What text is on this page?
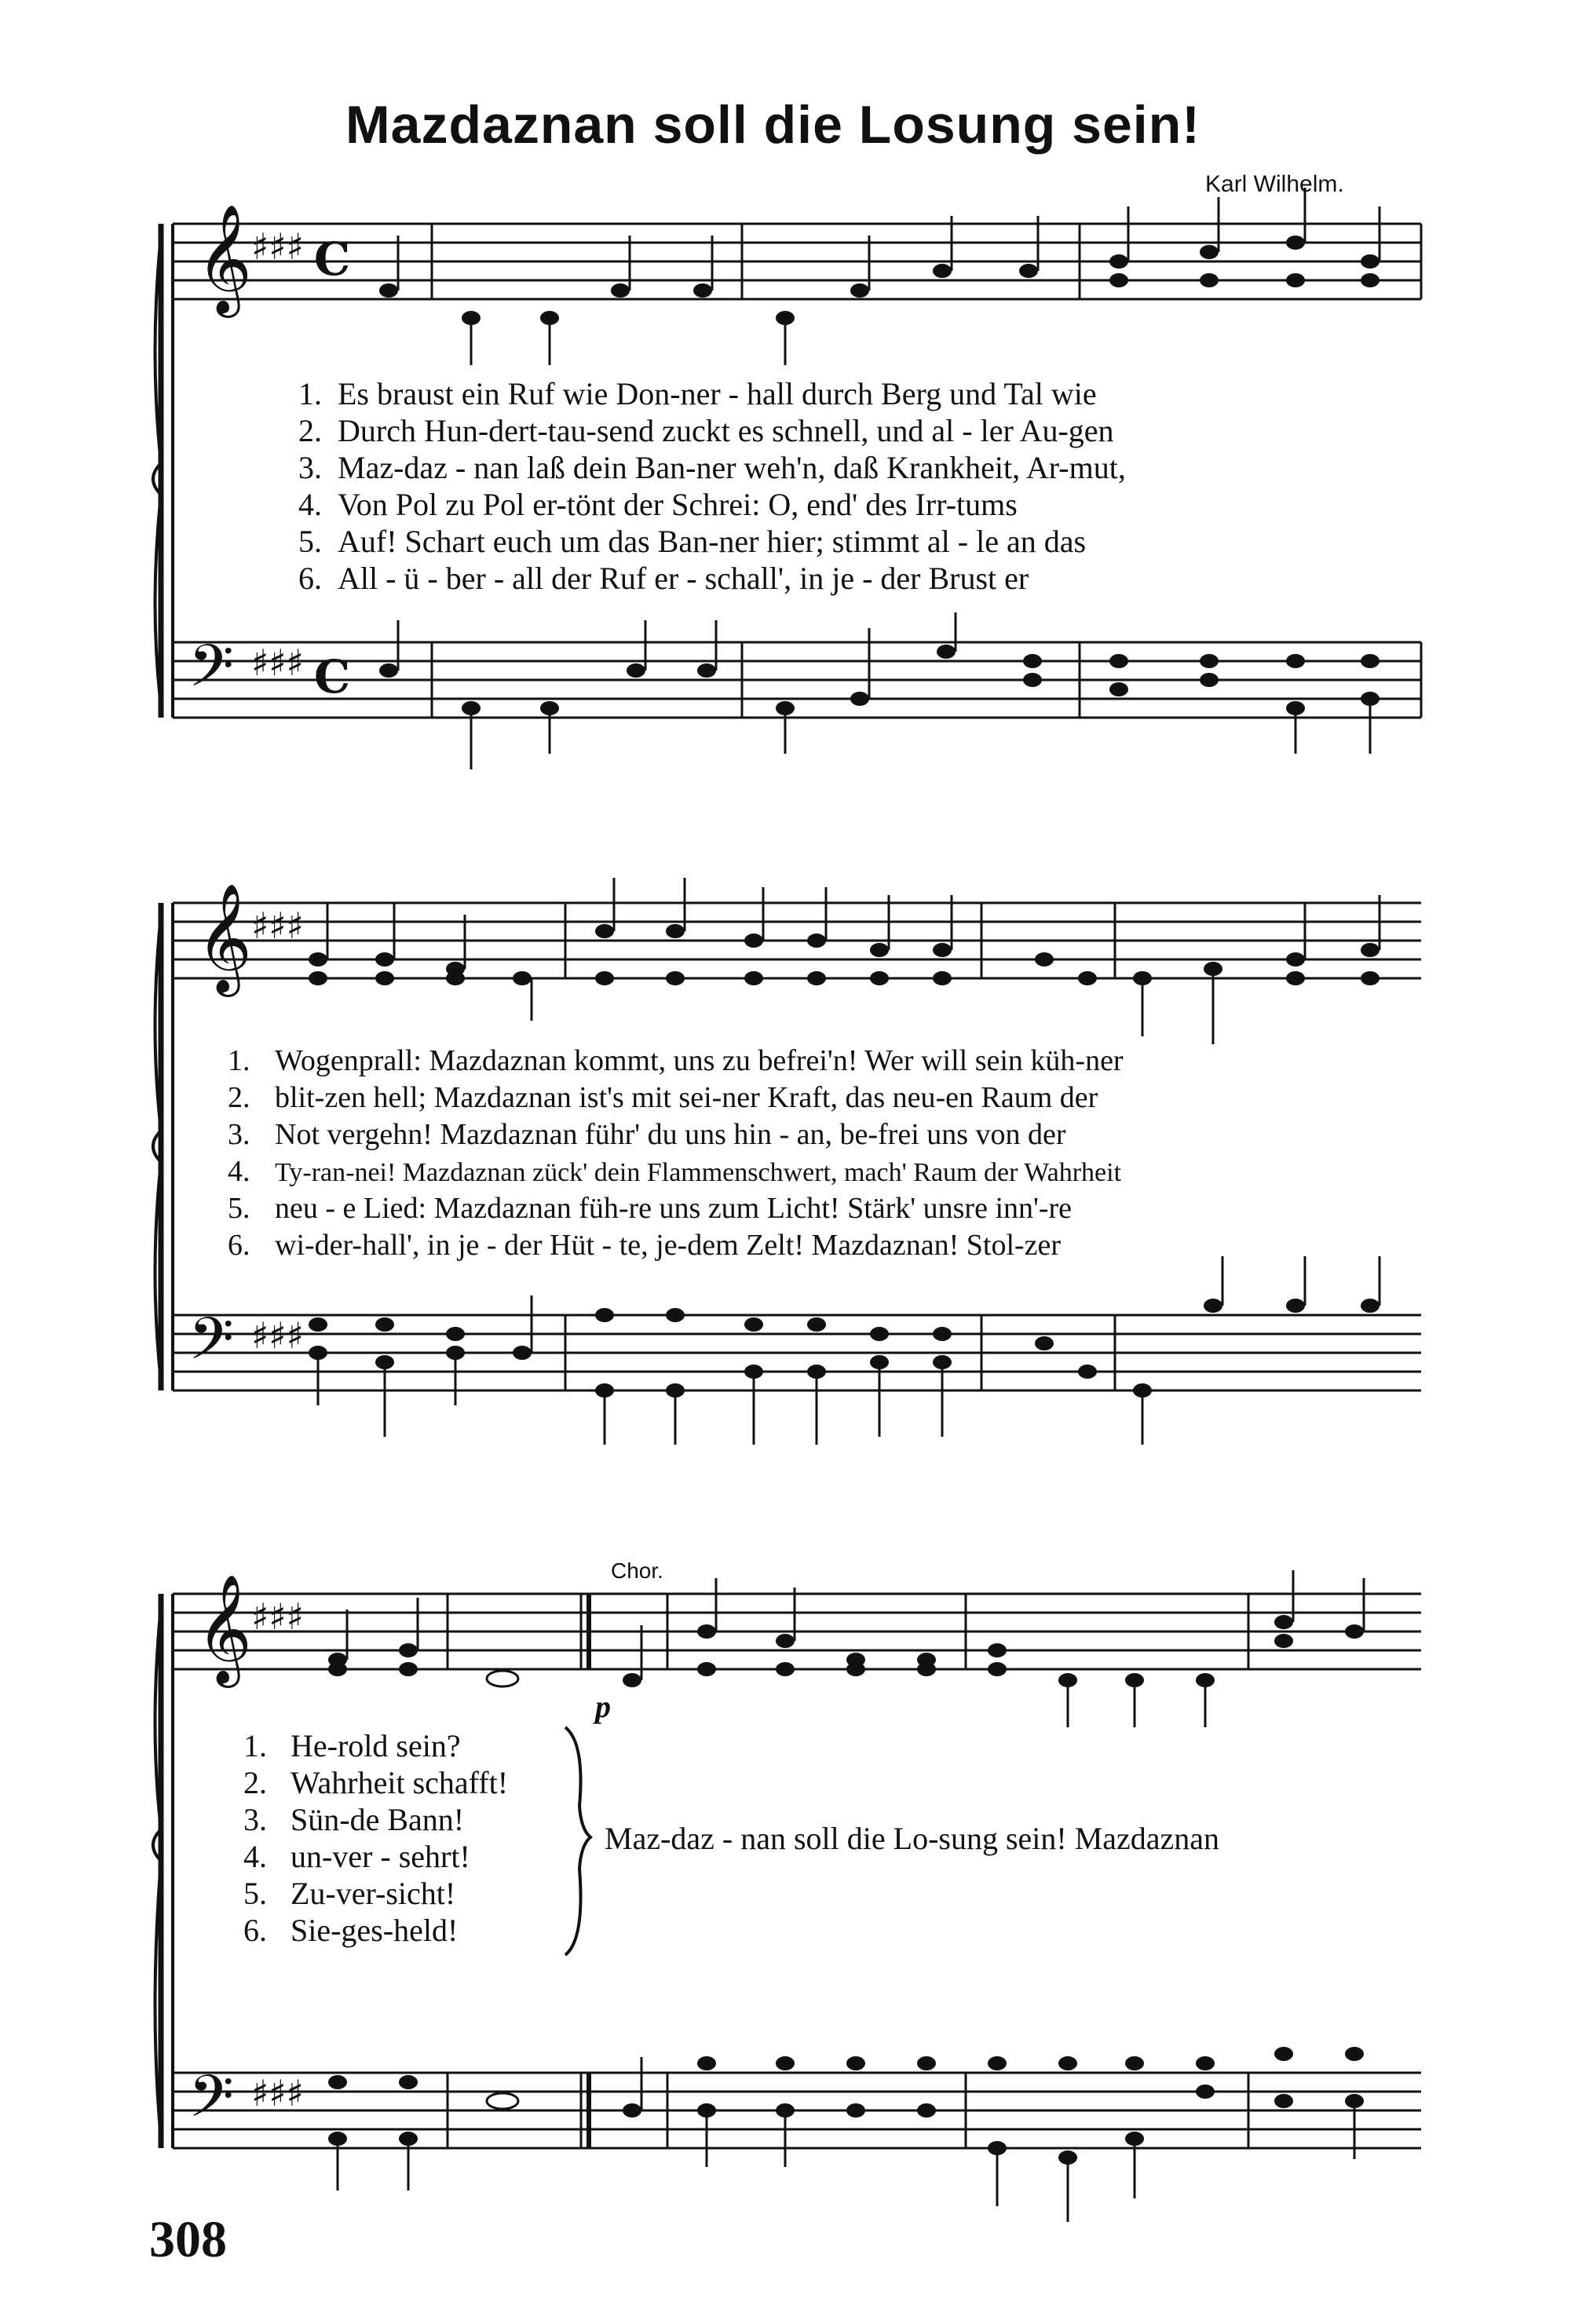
Mazdaznan soll die Losung sein!
Karl Wilhelm.
𝄞
𝄢
♯♯♯
♯♯♯
C
C
𝄞
𝄢
♯♯♯
♯♯♯
𝄞
𝄢
♯♯♯
♯♯♯
1. Es braust ein Ruf wie Don-ner - hall durch Berg und Tal wie
2. Durch Hun-dert-tau-send zuckt es schnell, und al - ler Au-gen
3. Maz-daz - nan laß dein Ban-ner weh'n, daß Krankheit, Ar-mut,
4. Von Pol zu Pol er-tönt der Schrei: O, end' des Irr-tums
5. Auf! Schart euch um das Ban-ner hier; stimmt al - le an das
6. All - ü - ber - all der Ruf er - schall', in je - der Brust er
1. Wogenprall: Mazdaznan kommt, uns zu befrei'n! Wer will sein küh-ner
2. blit-zen hell; Mazdaznan ist's mit sei-ner Kraft, das neu-en Raum der
3. Not vergehn! Mazdaznan führ' du uns hin - an, be-frei uns von der
4. Ty-ran-nei! Mazdaznan zück' dein Flammenschwert, mach' Raum der Wahrheit
5. neu - e Lied: Mazdaznan füh-re uns zum Licht! Stärk' unsre inn'-re
6. wi-der-hall', in je - der Hüt - te, je-dem Zelt! Mazdaznan! Stol-zer
Chor.
p
1. He-rold sein?
2. Wahrheit schafft!
3. Sün-de Bann!
4. un-ver - sehrt!
5. Zu-ver-sicht!
6. Sie-ges-held!
Maz-daz - nan soll die Lo-sung sein! Mazdaznan
308
